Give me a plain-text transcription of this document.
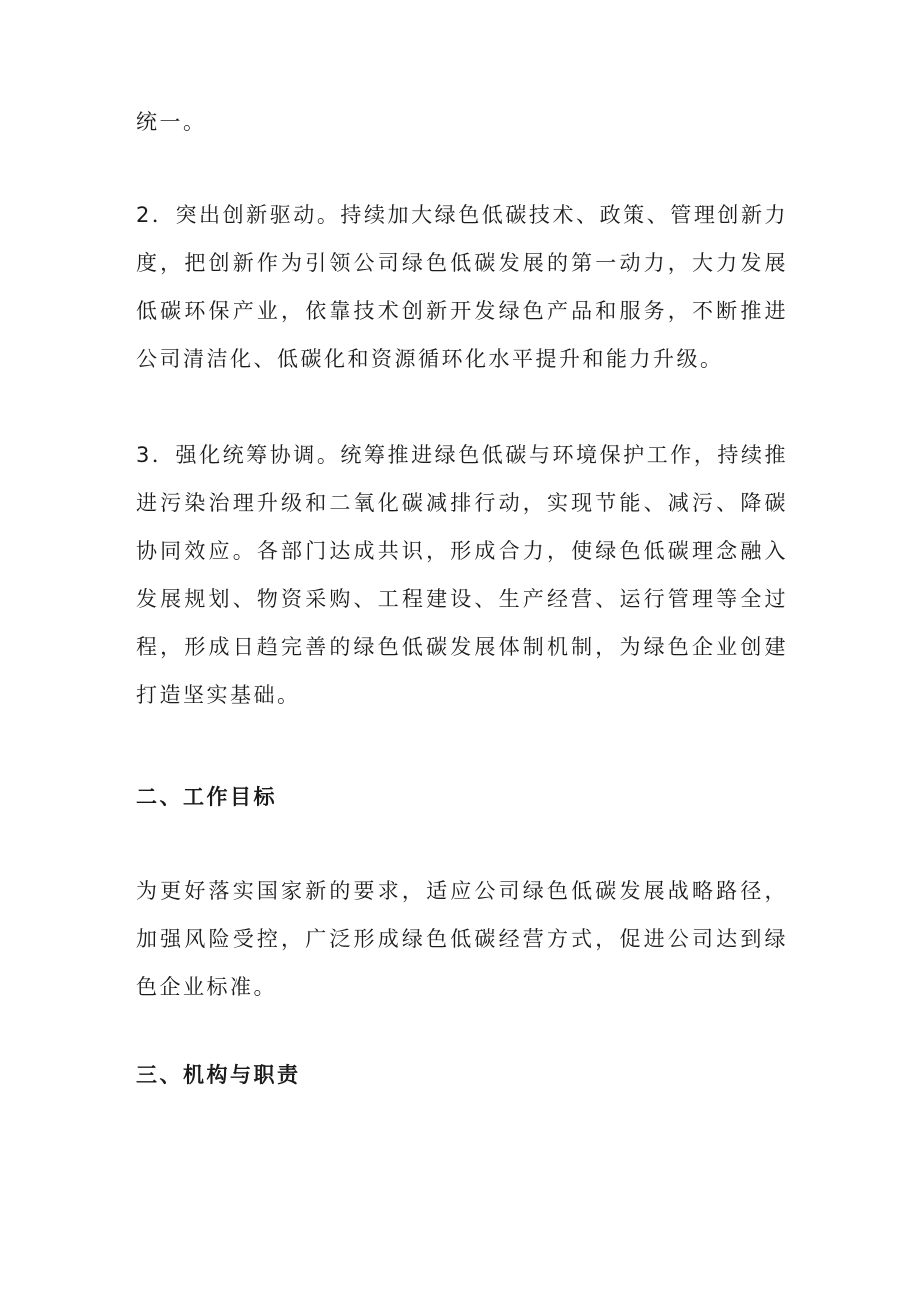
统一。

2．突出创新驱动。持续加大绿色低碳技术、政策、管理创新力度，把创新作为引领公司绿色低碳发展的第一动力，大力发展低碳环保产业，依靠技术创新开发绿色产品和服务，不断推进公司清洁化、低碳化和资源循环化水平提升和能力升级。

3．强化统筹协调。统筹推进绿色低碳与环境保护工作，持续推进污染治理升级和二氧化碳减排行动，实现节能、减污、降碳协同效应。各部门达成共识，形成合力，使绿色低碳理念融入发展规划、物资采购、工程建设、生产经营、运行管理等全过程，形成日趋完善的绿色低碳发展体制机制，为绿色企业创建打造坚实基础。

二、工作目标

为更好落实国家新的要求，适应公司绿色低碳发展战略路径，加强风险受控，广泛形成绿色低碳经营方式，促进公司达到绿色企业标准。

三、机构与职责
